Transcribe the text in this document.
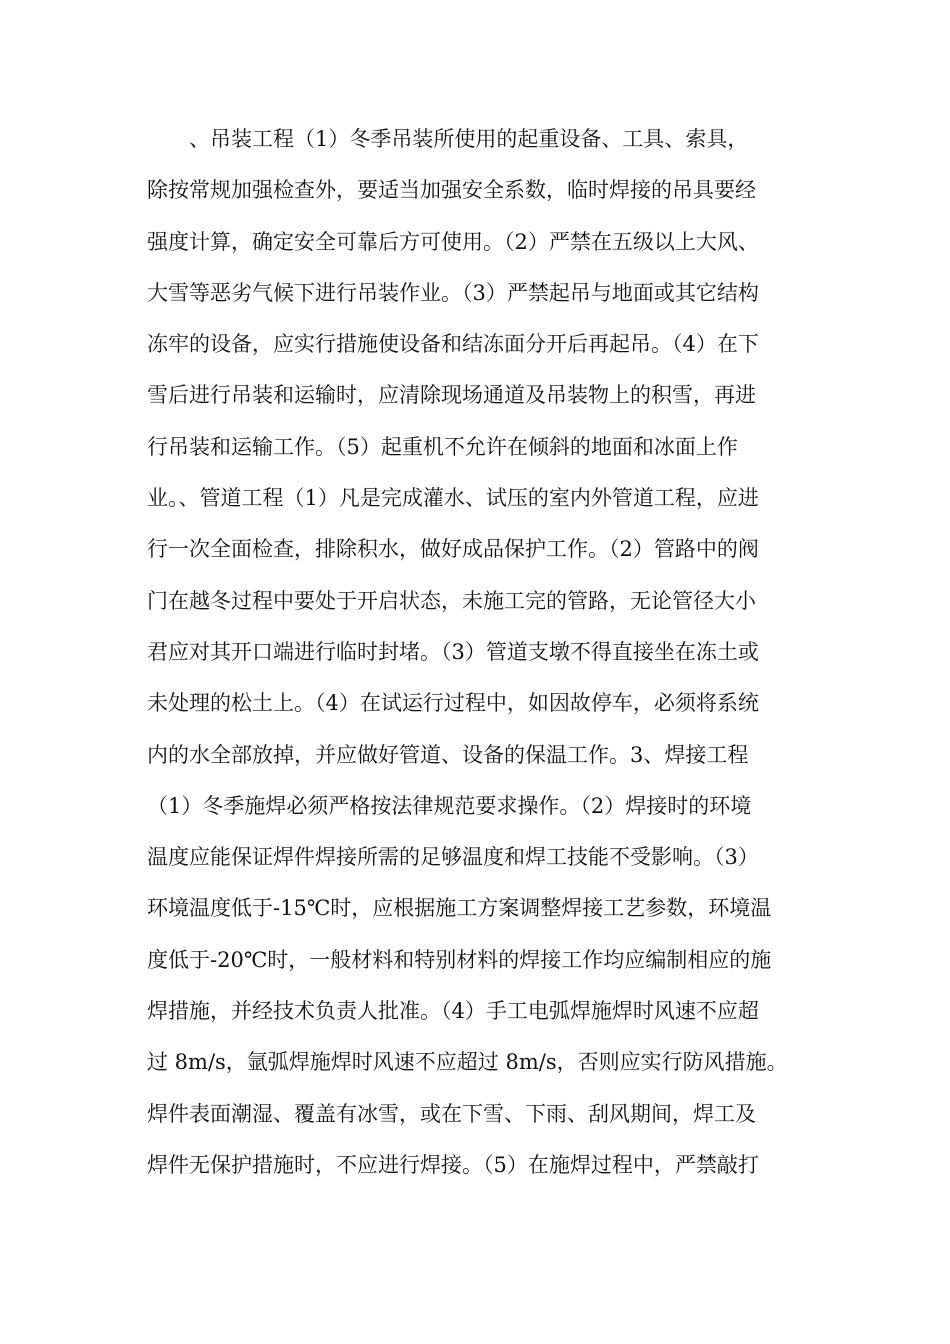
　　、吊装工程（1）冬季吊装所使用的起重设备、工具、索具，
除按常规加强检查外，要适当加强安全系数，临时焊接的吊具要经
强度计算，确定安全可靠后方可使用。（2）严禁在五级以上大风、
大雪等恶劣气候下进行吊装作业。（3）严禁起吊与地面或其它结构
冻牢的设备，应实行措施使设备和结冻面分开后再起吊。（4）在下
雪后进行吊装和运输时，应清除现场通道及吊装物上的积雪，再进
行吊装和运输工作。（5）起重机不允许在倾斜的地面和冰面上作
业。、管道工程（1）凡是完成灌水、试压的室内外管道工程，应进
行一次全面检查，排除积水，做好成品保护工作。（2）管路中的阀
门在越冬过程中要处于开启状态，未施工完的管路，无论管径大小
君应对其开口端进行临时封堵。（3）管道支墩不得直接坐在冻土或
未处理的松土上。（4）在试运行过程中，如因故停车，必须将系统
内的水全部放掉，并应做好管道、设备的保温工作。3、焊接工程
（1）冬季施焊必须严格按法律规范要求操作。（2）焊接时的环境
温度应能保证焊件焊接所需的足够温度和焊工技能不受影响。（3）
环境温度低于-15℃时，应根据施工方案调整焊接工艺参数，环境温
度低于-20℃时，一般材料和特别材料的焊接工作均应编制相应的施
焊措施，并经技术负责人批准。（4）手工电弧焊施焊时风速不应超
过 8m/s，氩弧焊施焊时风速不应超过 8m/s，否则应实行防风措施。
焊件表面潮湿、覆盖有冰雪，或在下雪、下雨、刮风期间，焊工及
焊件无保护措施时，不应进行焊接。（5）在施焊过程中，严禁敲打
